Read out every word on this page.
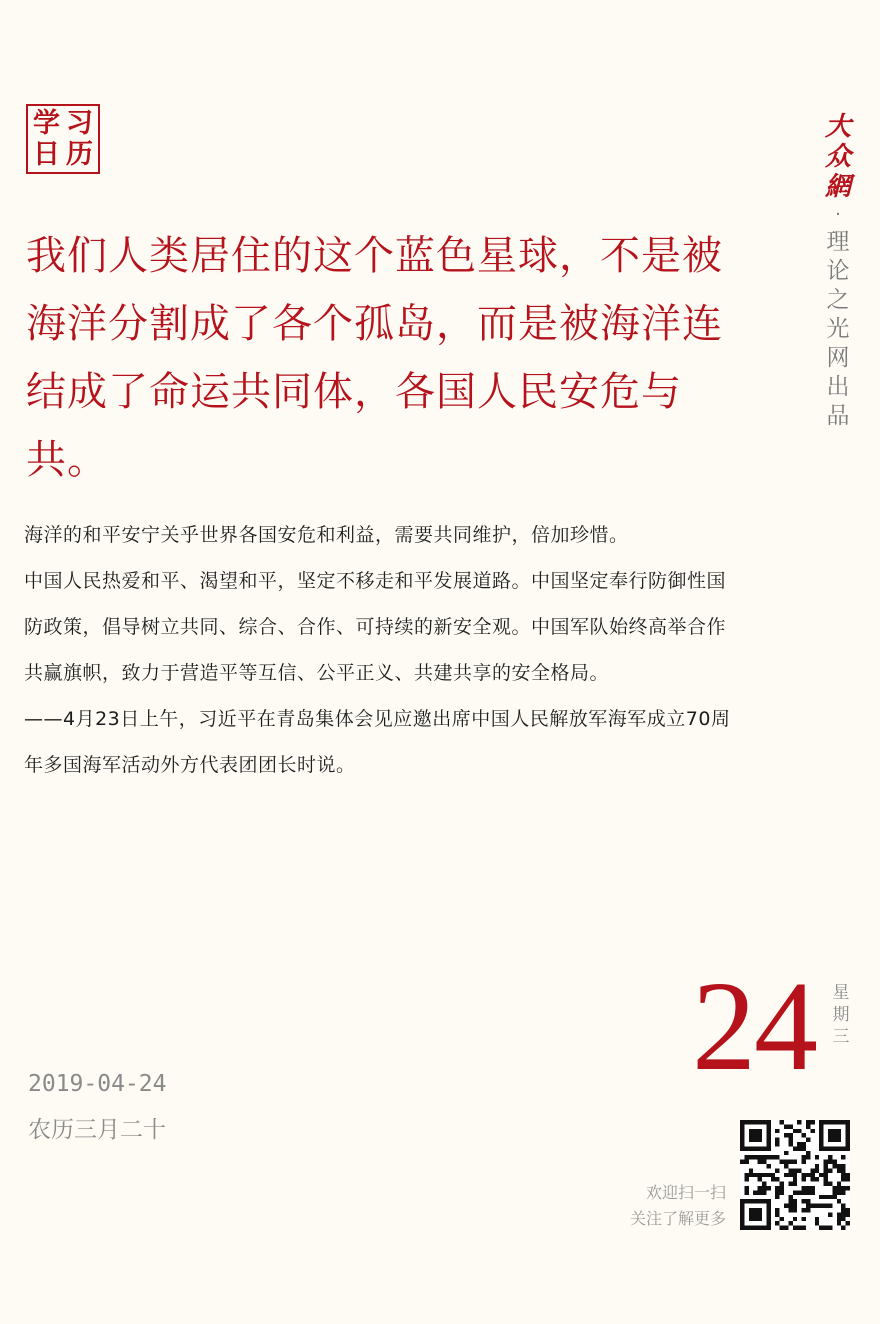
学 习
日 历
大
众
網
·
理
论
之
光
网
出
品

我们人类居住的这个蓝色星球，不是被海洋分割成了各个孤岛，而是被海洋连结成了命运共同体，各国人民安危与共。

海洋的和平安宁关乎世界各国安危和利益，需要共同维护，倍加珍惜。

中国人民热爱和平、渴望和平，坚定不移走和平发展道路。中国坚定奉行防御性国防政策，倡导树立共同、综合、合作、可持续的新安全观。中国军队始终高举合作共赢旗帜，致力于营造平等互信、公平正义、共建共享的安全格局。

——4月23日上午，习近平在青岛集体会见应邀出席中国人民解放军海军成立70周年多国海军活动外方代表团团长时说。

24 星
期
三
2019-04-24
农历三月二十
欢迎扫一扫
关注了解更多
